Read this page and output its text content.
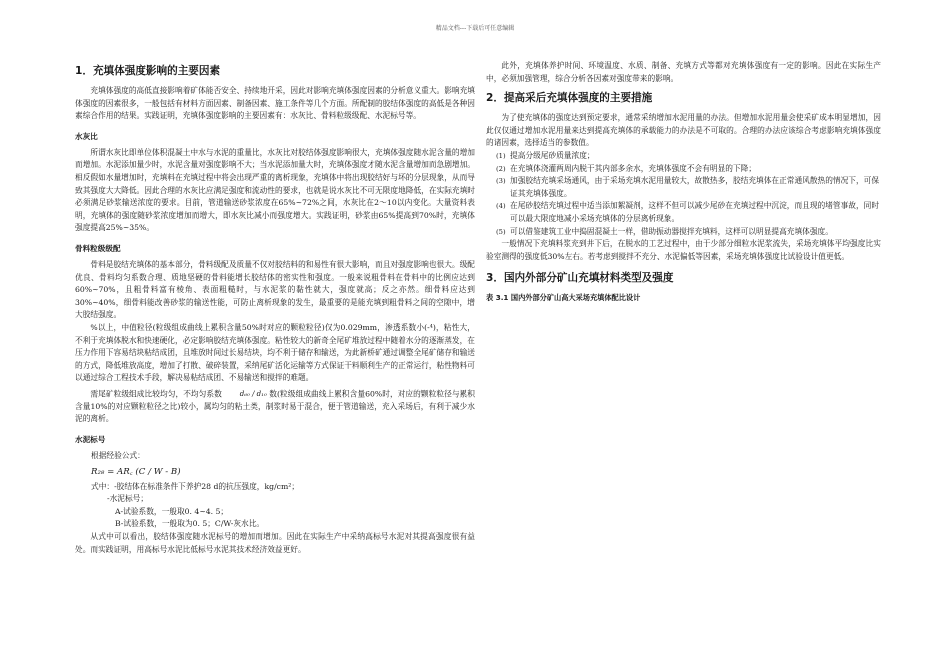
精品文档---下载后可任意编辑
1．充填体强度影响的主要因素

充填体强度的高低直接影响着矿体能否安全、持续地开采，因此对影响充填体强度因素的分析意义重大。影响充填体强度的因素很多，一般包括有材料方面因素、制备因素、施工条件等几个方面。所配制的胶结体强度的高低是各种因素综合作用的结果。实践证明，充填体强度影响的主要因素有：水灰比、骨料粒级级配、水泥标号等。

水灰比

所谓水灰比即单位体积混凝土中水与水泥的重量比，水灰比对胶结体强度影响很大，充填体强度随水泥含量的增加而增加。水泥添加量少时，水泥含量对强度影响不大；当水泥添加量大时，充填体强度才随水泥含量增加而急剧增加。相反假如水量增加时，充填料在充填过程中将会出现严重的离析现象，充填体中将出现胶结好与坏的分层现象，从而导致其强度大大降低。因此合理的水灰比应满足强度和流动性的要求，也就是说水灰比不可无限度地降低，在实际充填时必须满足砂浆输送浓度的要求。目前，管道输送砂浆浓度在65%~72%之间，水灰比在2～10以内变化。大量资料表明，充填体的强度随砂浆浓度增加而增大，即水灰比减小而强度增大。实践证明，砂浆由65%提高到70%时，充填体强度提高25%~35%。

骨料粒级级配

骨料是胶结充填体的基本部分，骨料级配及质量不仅对胶结料的和易性有很大影响，而且对强度影响也很大。级配优良、骨料均匀系数合理、质地坚硬的骨料能增长胶结体的密实性和强度。一般来说粗骨料在骨料中的比例应达到60%~70%，且粗骨料富有棱角、表面粗糙时，与水泥浆的黏性就大，强度就高；反之亦然。细骨料应达到30%~40%，细骨料能改善砂浆的输送性能，可防止离析现象的发生，最重要的是能充填到粗骨料之间的空隙中，增大胶结强度。

%以上，中值粒径(粒级组成曲线上累积含量50%时对应的颗粒粒径)仅为0.029mm，渗透系数小(-⁴)，粘性大，不利于充填体脱水和快速硬化，必定影响胶结充填体强度。粘性较大的新奇全尾矿堆放过程中随着水分的逐渐蒸发，在压力作用下容易结块粘结成团，且堆放时间过长易结块，均不利于储存和输送，为此新桥矿通过调整全尾矿储存和输送的方式，降低堆放高度，增加了打散、破碎装置，采纳尾矿活化运输等方式保证干料顺利生产的正常运行，粘性物料可以通过综合工程技术手段，解决易粘结成团、不易输送和搅拌的难题。

需尾矿粒级组成比较均匀，不均匀系数	d₆₀ / d₁₀ 数(粒级组成曲线上累积含量60%时，对应的颗粒粒径与累积含量10%的对应颗粒粒径之比)较小，属均匀的粘土类，制浆时易于混合，便于管道输送，充入采场后，有利于减少水泥的离析。

水泥标号

根据经验公式：

R₂₈ = AR꜀ (C / W - B)

式中：-胶结体在标准条件下养护28 d的抗压强度，kg/cm²；

-水泥标号；

A-试验系数，一般取0. 4~4. 5；

B-试验系数，一般取为0. 5；C/W-灰水比。

从式中可以看出，胶结体强度随水泥标号的增加而增加。因此在实际生产中采纳高标号水泥对其提高强度很有益处。而实践证明，用高标号水泥比低标号水泥其技术经济效益更好。

此外，充填体养护时间、环境温度、水质、制备、充填方式等都对充填体强度有一定的影响。因此在实际生产中，必须加强管理，综合分析各因素对强度带来的影响。

2．提高采后充填体强度的主要措施

为了使充填体的强度达到预定要求，通常采纳增加水泥用量的办法。但增加水泥用量会使采矿成本明显增加，因此仅仅通过增加水泥用量来达到提高充填体的承载能力的办法是不可取的。合理的办法应该综合考虑影响充填体强度的诸因素，选择适当的参数值。

(1) 提高分级尾砂质量浓度；
(2) 在充填体浇灌两周内脱干其内部多余水，充填体强度不会有明显的下降；
(3) 加强胶结充填采场通风，由于采场充填水泥用量较大，故散热多，胶结充填体在正常通风散热的情况下，可保证其充填体强度。
(4) 在尾砂胶结充填过程中适当添加絮凝剂，这样不但可以减少尾砂在充填过程中沉淀，而且现的堵管事故，同时可以最大限度地减小采场充填体的分层离析现象。
(5) 可以借鉴建筑工业中捣固混凝土一样，借助振动器搅拌充填料，这样可以明显提高充填体强度。

一般情况下充填料浆充到井下后，在脱水的工艺过程中，由于少部分细粒水泥浆流失，采场充填体平均强度比实验室测得的强度低30%左右。若考虑到搅拌不充分、水泥偏低等因素，采场充填体强度比试验设计值更低。

3．国内外部分矿山充填材料类型及强度

表 3.1 国内外部分矿山高大采场充填体配比设计
